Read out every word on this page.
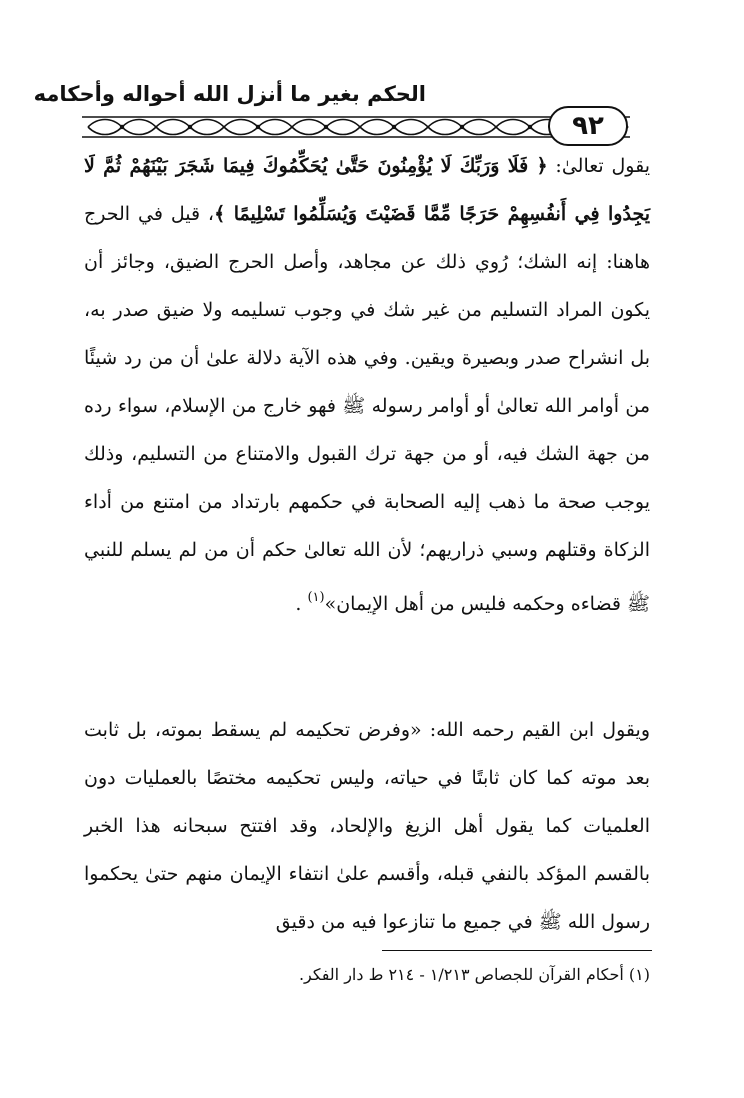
الحكم بغير ما أنزل الله أحواله وأحكامه
٩٢
يقول تعالىٰ: ﴿ فَلَا وَرَبِّكَ لَا يُؤْمِنُونَ حَتَّىٰ يُحَكِّمُوكَ فِيمَا شَجَرَ بَيْنَهُمْ ثُمَّ لَا يَجِدُوا فِي أَنفُسِهِمْ حَرَجًا مِّمَّا قَضَيْتَ وَيُسَلِّمُوا تَسْلِيمًا ﴾، قيل في الحرج هاهنا: إنه الشك؛ رُوي ذلك عن مجاهد، وأصل الحرج الضيق، وجائز أن يكون المراد التسليم من غير شك في وجوب تسليمه ولا ضيق صدر به، بل انشراح صدر وبصيرة ويقين. وفي هذه الآية دلالة علىٰ أن من رد شيئًا من أوامر الله تعالىٰ أو أوامر رسوله ﷺ فهو خارج من الإسلام، سواء رده من جهة الشك فيه، أو من جهة ترك القبول والامتناع من التسليم، وذلك يوجب صحة ما ذهب إليه الصحابة في حكمهم بارتداد من امتنع من أداء الزكاة وقتلهم وسبي ذراريهم؛ لأن الله تعالىٰ حكم أن من لم يسلم للنبي ﷺ قضاءه وحكمه فليس من أهل الإيمان»$^{(١)}$ .
ويقول ابن القيم رحمه الله: «وفرض تحكيمه لم يسقط بموته، بل ثابت بعد موته كما كان ثابتًا في حياته، وليس تحكيمه مختصًا بالعمليات دون العلميات كما يقول أهل الزيغ والإلحاد، وقد افتتح سبحانه هذا الخبر بالقسم المؤكد بالنفي قبله، وأقسم علىٰ انتفاء الإيمان منهم حتىٰ يحكموا رسول الله ﷺ في جميع ما تنازعوا فيه من دقيق
(١) أحكام القرآن للجصاص ١/٢١٣ - ٢١٤ ط دار الفكر.
